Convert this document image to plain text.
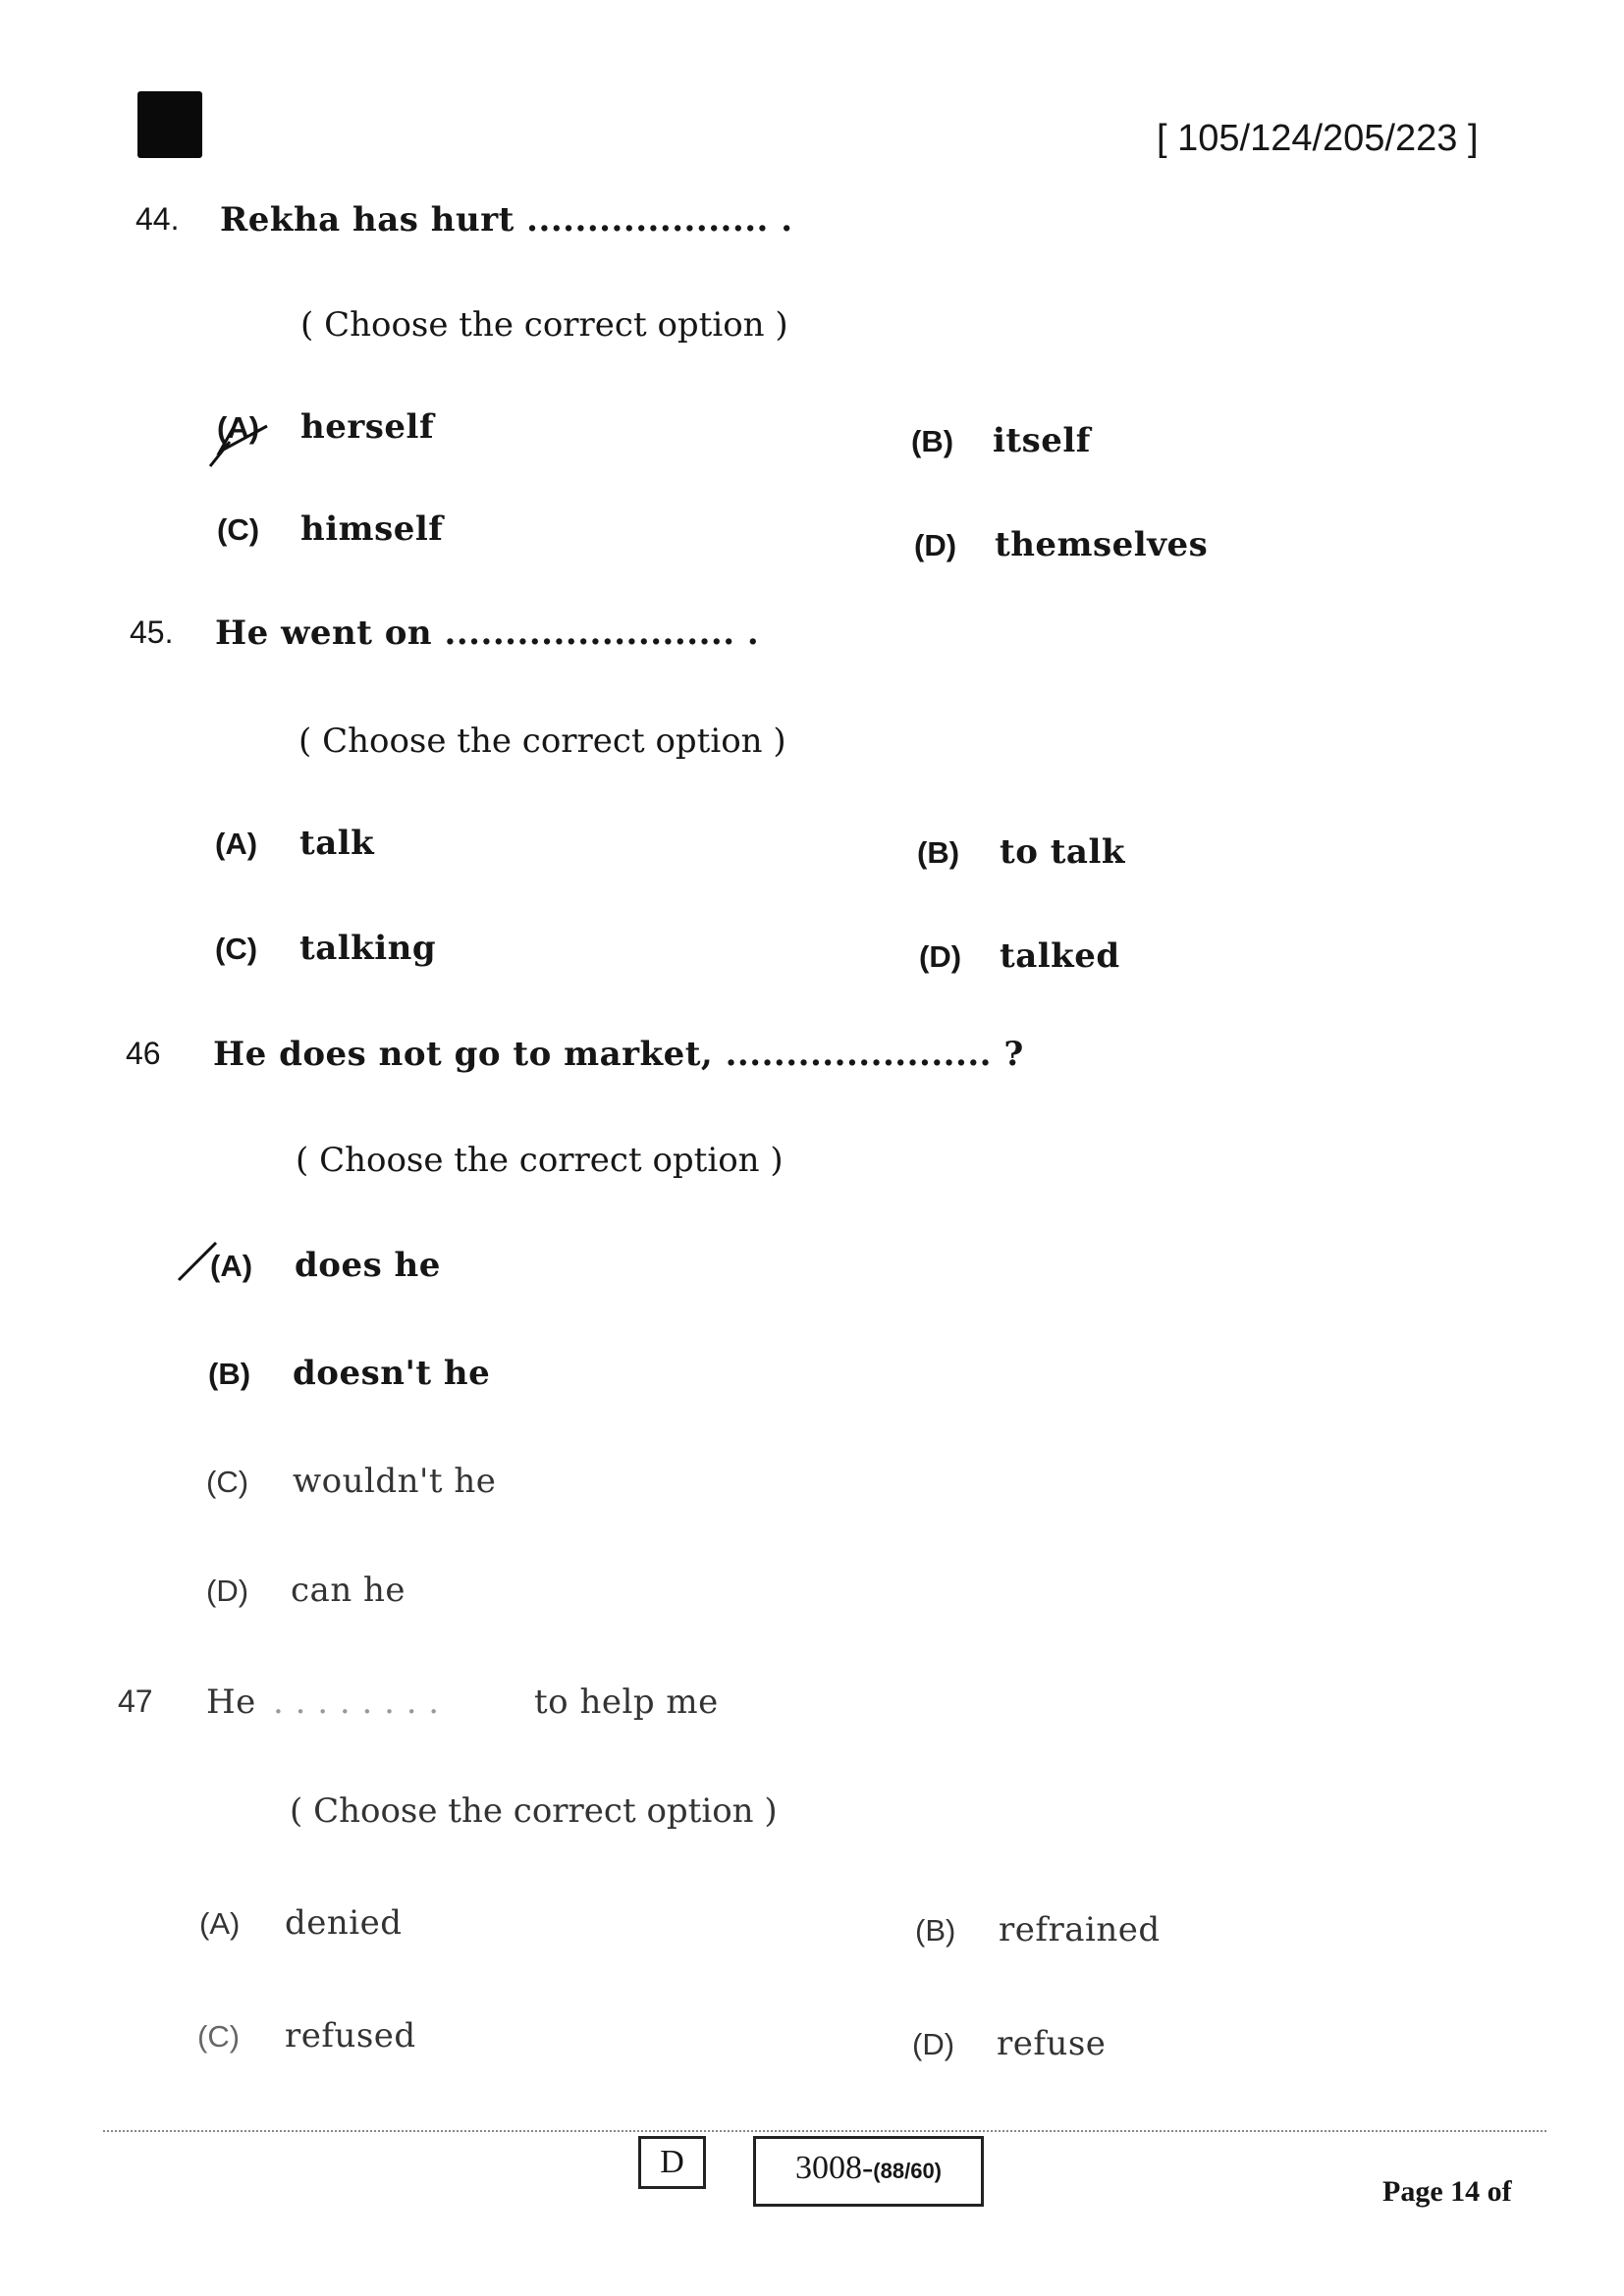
[ 105/124/205/223 ]
44. Rekha has hurt .................... .
( Choose the correct option )
(A) herself	(B) itself
(C) himself	(D) themselves
45. He went on ........................ .
( Choose the correct option )
(A) talk	(B) to talk
(C) talking	(D) talked
46 He does not go to market, ...................... ?
( Choose the correct option )
(A) does he
(B) doesn't he
(C) wouldn't he
(D) can he
47 He . . . . . . . .	to help me
( Choose the correct option )
(A) denied	(B) refrained
(C) refused	(D) refuse
D	3008-(88/60)
Page 14 of
